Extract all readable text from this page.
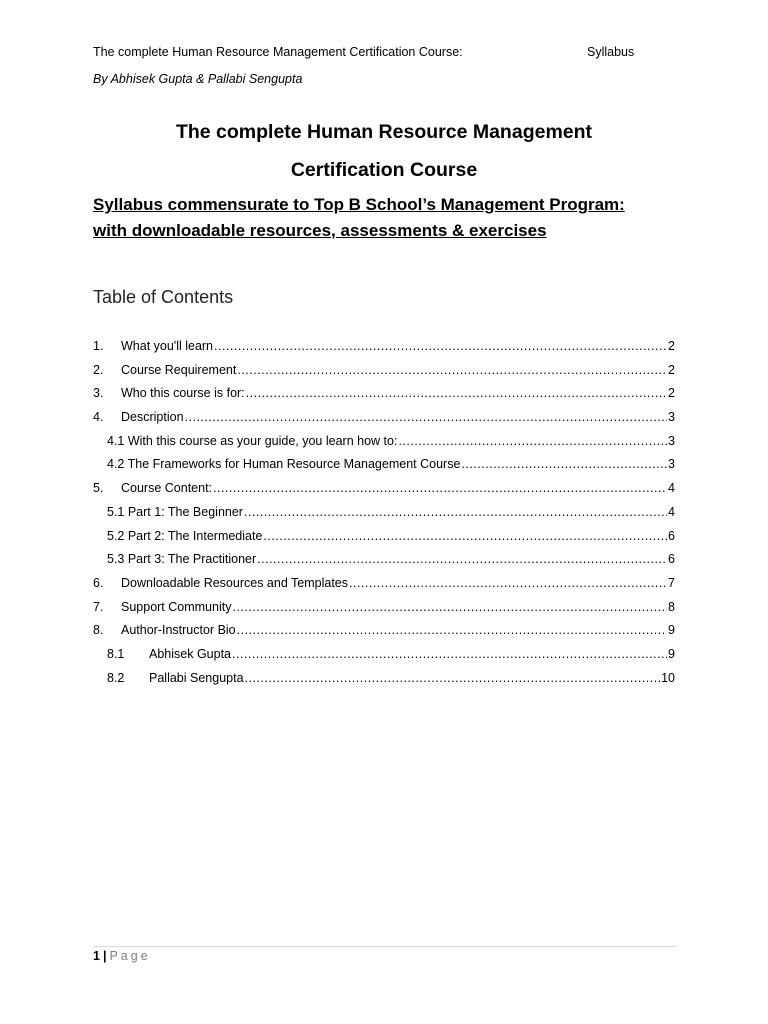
The complete Human Resource Management Certification Course:	Syllabus
By Abhisek Gupta & Pallabi Sengupta
The complete Human Resource Management
Certification Course
Syllabus commensurate to Top B School’s Management Program:
with downloadable resources, assessments & exercises
Table of Contents
1.	What you'll learn .....	2
2.	Course Requirement .....	2
3.	Who this course is for: .....	2
4.	Description .....	3
4.1 With this course as your guide, you learn how to: .....	3
4.2 The Frameworks for Human Resource Management Course .....	3
5.	Course Content: .....	4
5.1 Part 1: The Beginner .....	4
5.2 Part 2: The Intermediate .....	6
5.3 Part 3: The Practitioner .....	6
6.	Downloadable Resources and Templates .....	7
7.	Support Community .....	8
8.	Author-Instructor Bio .....	9
8.1	Abhisek Gupta .....	9
8.2	Pallabi Sengupta .....	10
1 | Page
